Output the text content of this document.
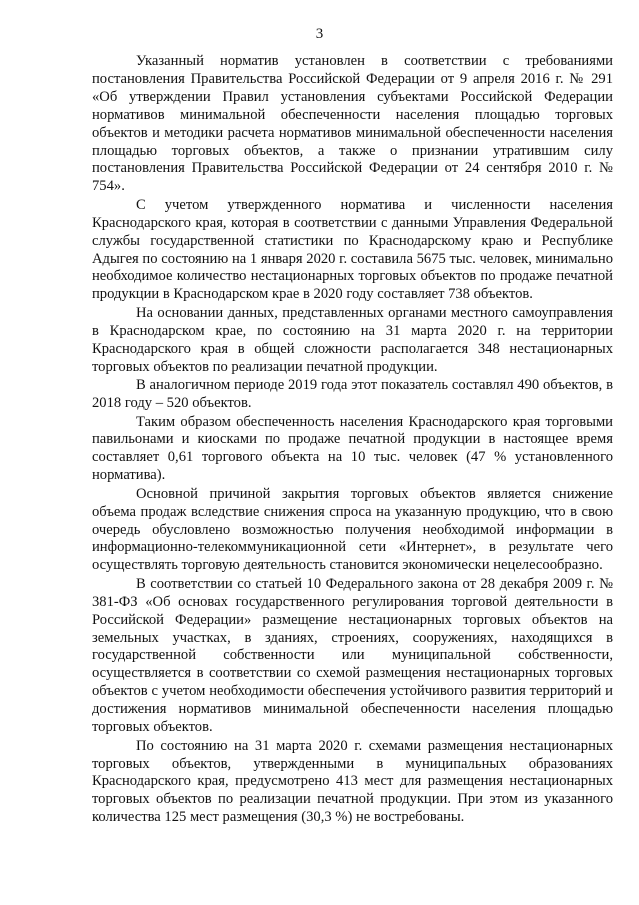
3

Указанный норматив установлен в соответствии с требованиями постановления Правительства Российской Федерации от 9 апреля 2016 г. № 291 «Об утверждении Правил установления субъектами Российской Федерации нормативов минимальной обеспеченности населения площадью торговых объектов и методики расчета нормативов минимальной обеспеченности населения площадью торговых объектов, а также о признании утратившим силу постановления Правительства Российской Федерации от 24 сентября 2010 г. № 754».

С учетом утвержденного норматива и численности населения Краснодарского края, которая в соответствии с данными Управления Федеральной службы государственной статистики по Краснодарскому краю и Республике Адыгея по состоянию на 1 января 2020 г. составила 5675 тыс. человек, минимально необходимое количество нестационарных торговых объектов по продаже печатной продукции в Краснодарском крае в 2020 году составляет 738 объектов.

На основании данных, представленных органами местного самоуправления в Краснодарском крае, по состоянию на 31 марта 2020 г. на территории Краснодарского края в общей сложности располагается 348 нестационарных торговых объектов по реализации печатной продукции.

В аналогичном периоде 2019 года этот показатель составлял 490 объектов, в 2018 году – 520 объектов.

Таким образом обеспеченность населения Краснодарского края торговыми павильонами и киосками по продаже печатной продукции в настоящее время составляет 0,61 торгового объекта на 10 тыс. человек (47 % установленного норматива).

Основной причиной закрытия торговых объектов является снижение объема продаж вследствие снижения спроса на указанную продукцию, что в свою очередь обусловлено возможностью получения необходимой информации в информационно-телекоммуникационной сети «Интернет», в результате чего осуществлять торговую деятельность становится экономически нецелесообразно.

В соответствии со статьей 10 Федерального закона от 28 декабря 2009 г. № 381-ФЗ «Об основах государственного регулирования торговой деятельности в Российской Федерации» размещение нестационарных торговых объектов на земельных участках, в зданиях, строениях, сооружениях, находящихся в государственной собственности или муниципальной собственности, осуществляется в соответствии со схемой размещения нестационарных торговых объектов с учетом необходимости обеспечения устойчивого развития территорий и достижения нормативов минимальной обеспеченности населения площадью торговых объектов.

По состоянию на 31 марта 2020 г. схемами размещения нестационарных торговых объектов, утвержденными в муниципальных образованиях Краснодарского края, предусмотрено 413 мест для размещения нестационарных торговых объектов по реализации печатной продукции. При этом из указанного количества 125 мест размещения (30,3 %) не востребованы.
